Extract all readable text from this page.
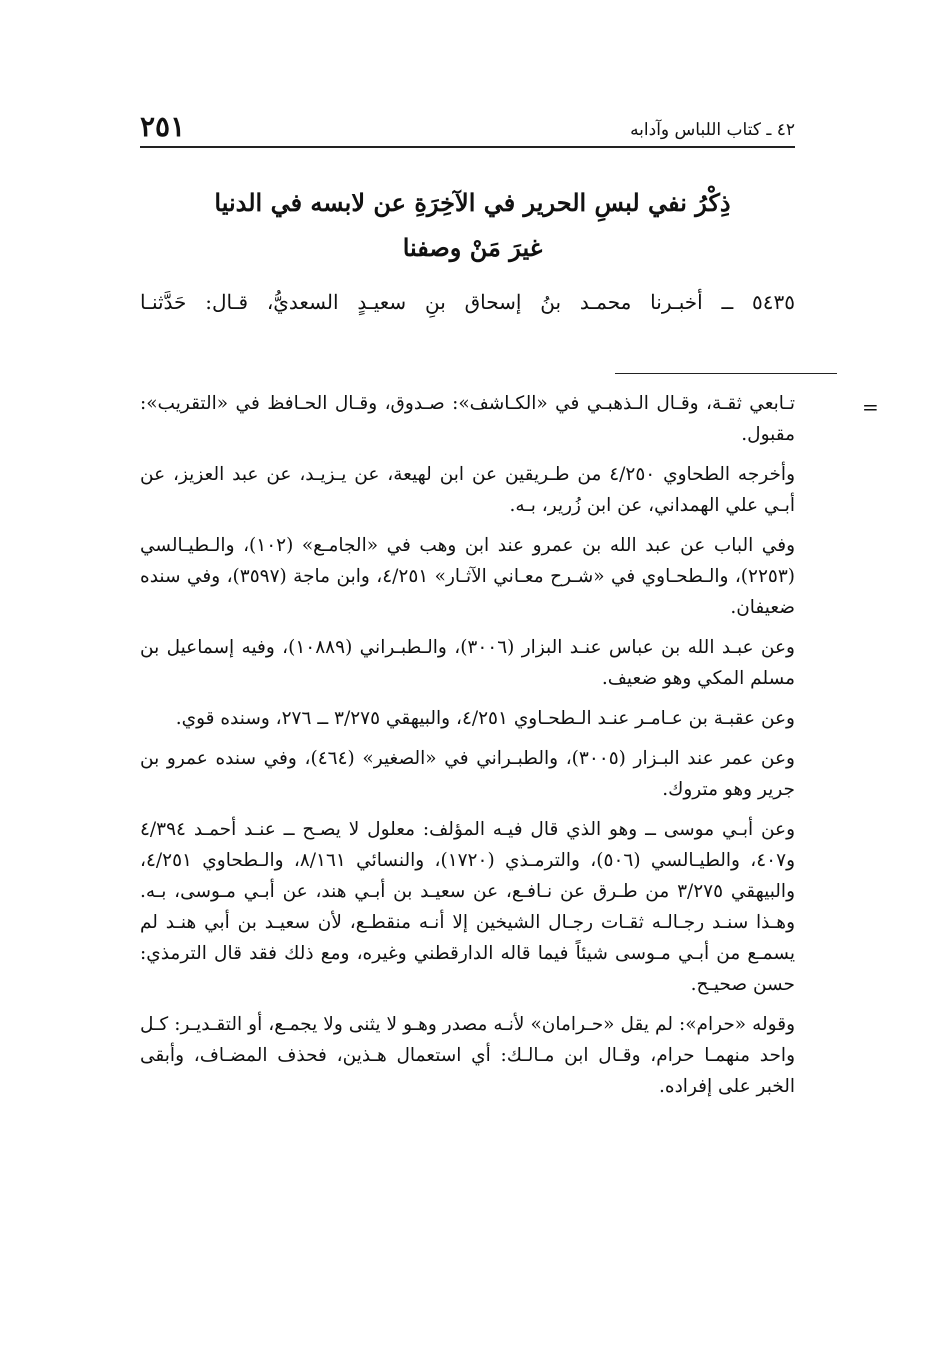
٢٥١	٤٢ ـ كتاب اللباس وآدابه
ذِكْرُ نفي لبسِ الحرير في الآخِرَةِ عن لابسه في الدنيا
غيرَ مَنْ وصفنا
٥٤٣٥ ــ أخبـرنا محمـد بنُ إسحاق بنِ سعيـدٍ السعديُّ، قـال: حَدَّثنـا
=

تـابعي ثقـة، وقـال الـذهبـي في «الكـاشف»: صـدوق، وقـال الحـافظ في «التقريب»: مقبول.

وأخرجه الطحاوي ٤/٢٥٠ من طـريقين عن ابن لهيعة، عن يـزيـد، عن عبد العزيز، عن أبـي علي الهمداني، عن ابن زُرير، بـه.

وفي الباب عن عبد الله بن عمرو عند ابن وهب في «الجامـع» (١٠٢)، والـطيـالسي (٢٢٥٣)، والـطحـاوي في «شـرح معـاني الآثـار» ٤/٢٥١، وابن ماجة (٣٥٩٧)، وفي سنده ضعيفان.

وعن عبـد الله بن عباس عنـد البزار (٣٠٠٦)، والـطبـراني (١٠٨٨٩)، وفيه إسماعيل بن مسلم المكي وهو ضعيف.

وعن عقبـة بن عـامـر عنـد الـطحـاوي ٤/٢٥١، والبيهقي ٣/٢٧٥ ــ ٢٧٦، وسنده قوي.

وعن عمر عند البـزار (٣٠٠٥)، والطبـراني في «الصغير» (٤٦٤)، وفي سنده عمرو بن جرير وهو متروك.

وعن أبـي موسى ــ وهو الذي قال فيـه المؤلف: معلول لا يصـح ــ عنـد أحمـد ٤/٣٩٤ و٤٠٧، والطيـالسي (٥٠٦)، والترمـذي (١٧٢٠)، والنسائي ٨/١٦١، والـطحاوي ٤/٢٥١، والبيهقي ٣/٢٧٥ من طـرق عن نـافـع، عن سعيـد بن أبـي هند، عن أبـي مـوسى، بـه. وهـذا سنـد رجـالـه ثقـات رجـال الشيخين إلا أنـه منقطـع، لأن سعيـد بن أبي هنـد لم يسمـع من أبـي مـوسى شيئاً فيما قاله الدارقطني وغيره، ومع ذلك فقد قال الترمذي: حسن صحيـح.

وقوله «حرام»: لم يقل «حـرامان» لأنـه مصدر وهـو لا يثنى ولا يجمـع، أو التقـديـر: كـل واحد منهمـا حرام، وقـال ابن مـالـك: أي استعمال هـذين، فحذف المضـاف، وأبقى الخبر على إفراده.
